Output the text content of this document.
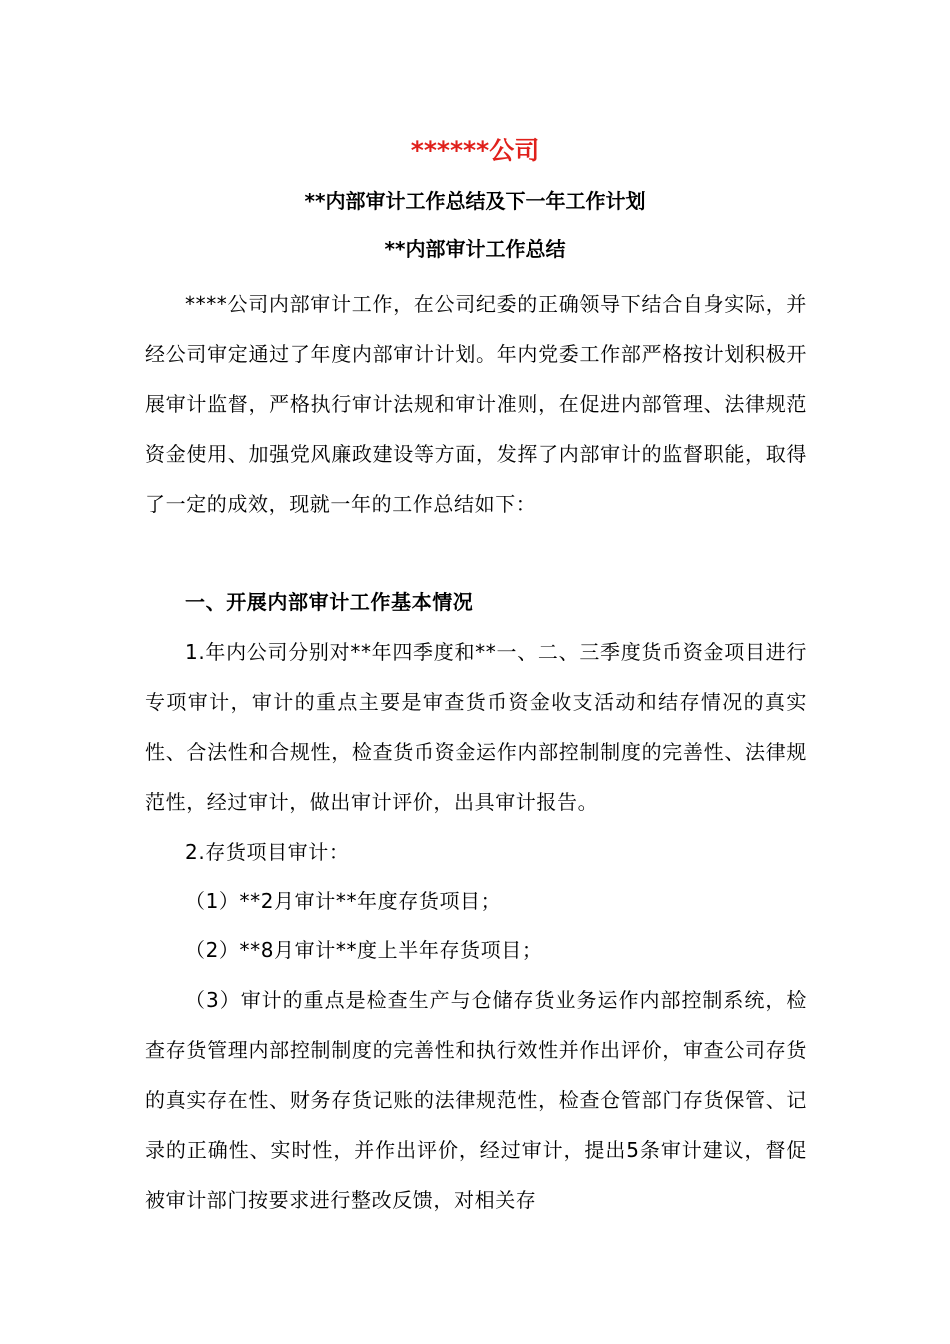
******公司
**内部审计工作总结及下一年工作计划
**内部审计工作总结

****公司内部审计工作，在公司纪委的正确领导下结合自身实际，并经公司审定通过了年度内部审计计划。年内党委工作部严格按计划积极开展审计监督，严格执行审计法规和审计准则，在促进内部管理、法律规范资金使用、加强党风廉政建设等方面，发挥了内部审计的监督职能，取得了一定的成效，现就一年的工作总结如下：

一、开展内部审计工作基本情况

1.年内公司分别对**年四季度和**一、二、三季度货币资金项目进行专项审计，审计的重点主要是审查货币资金收支活动和结存情况的真实性、合法性和合规性，检查货币资金运作内部控制制度的完善性、法律规范性，经过审计，做出审计评价，出具审计报告。

2.存货项目审计：

（1）**2月审计**年度存货项目；

（2）**8月审计**度上半年存货项目；

（3）审计的重点是检查生产与仓储存货业务运作内部控制系统，检查存货管理内部控制制度的完善性和执行效性并作出评价，审查公司存货的真实存在性、财务存货记账的法律规范性，检查仓管部门存货保管、记录的正确性、实时性，并作出评价，经过审计，提出5条审计建议，督促被审计部门按要求进行整改反馈，对相关存
